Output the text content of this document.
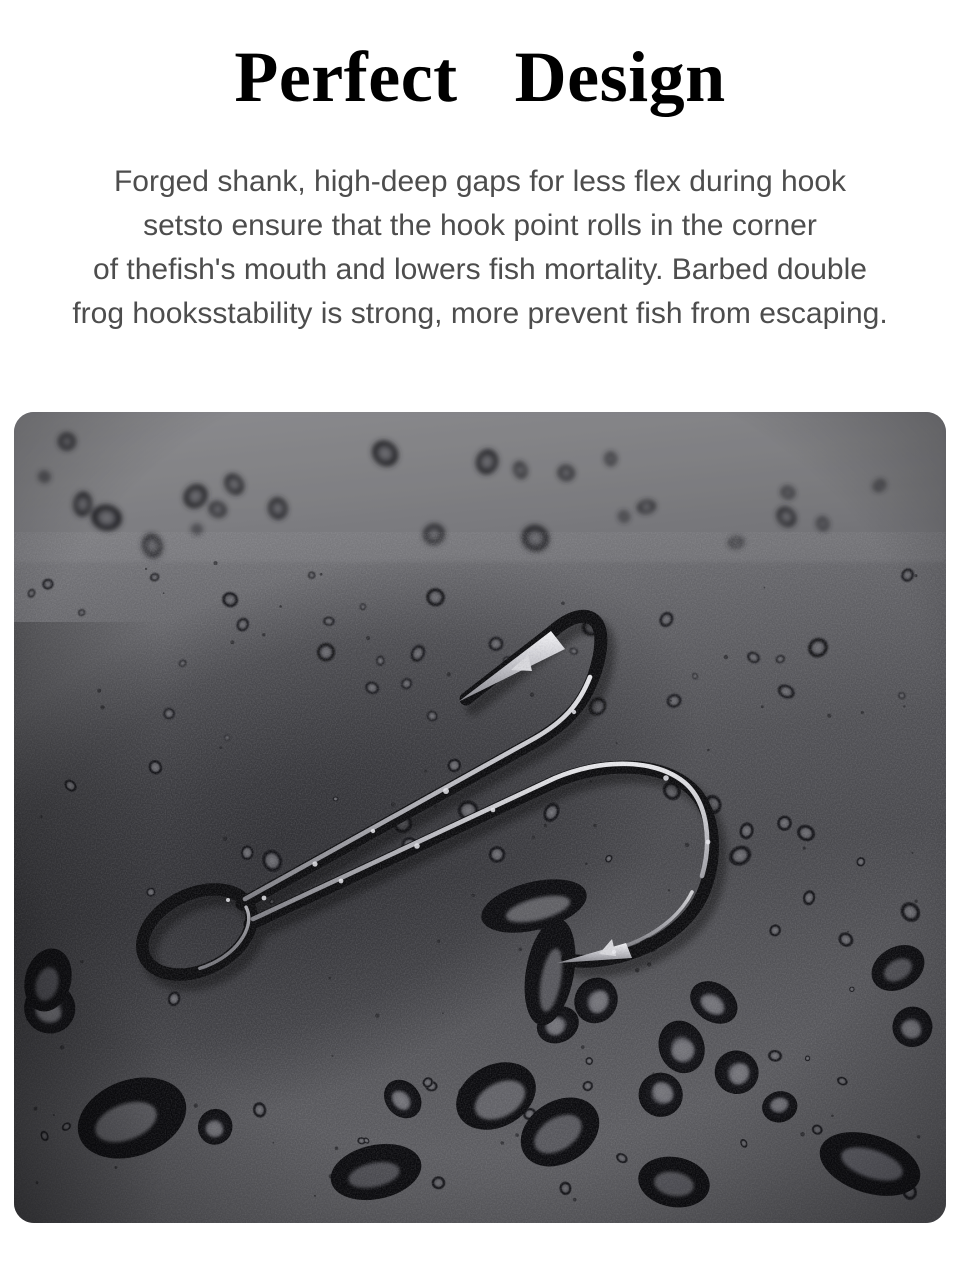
Perfect  Design
Forged shank, high-deep gaps for less flex during hook
setsto ensure that the hook point rolls in the corner
of thefish's mouth and lowers fish mortality. Barbed double
frog hooksstability is strong, more prevent fish from escaping.
